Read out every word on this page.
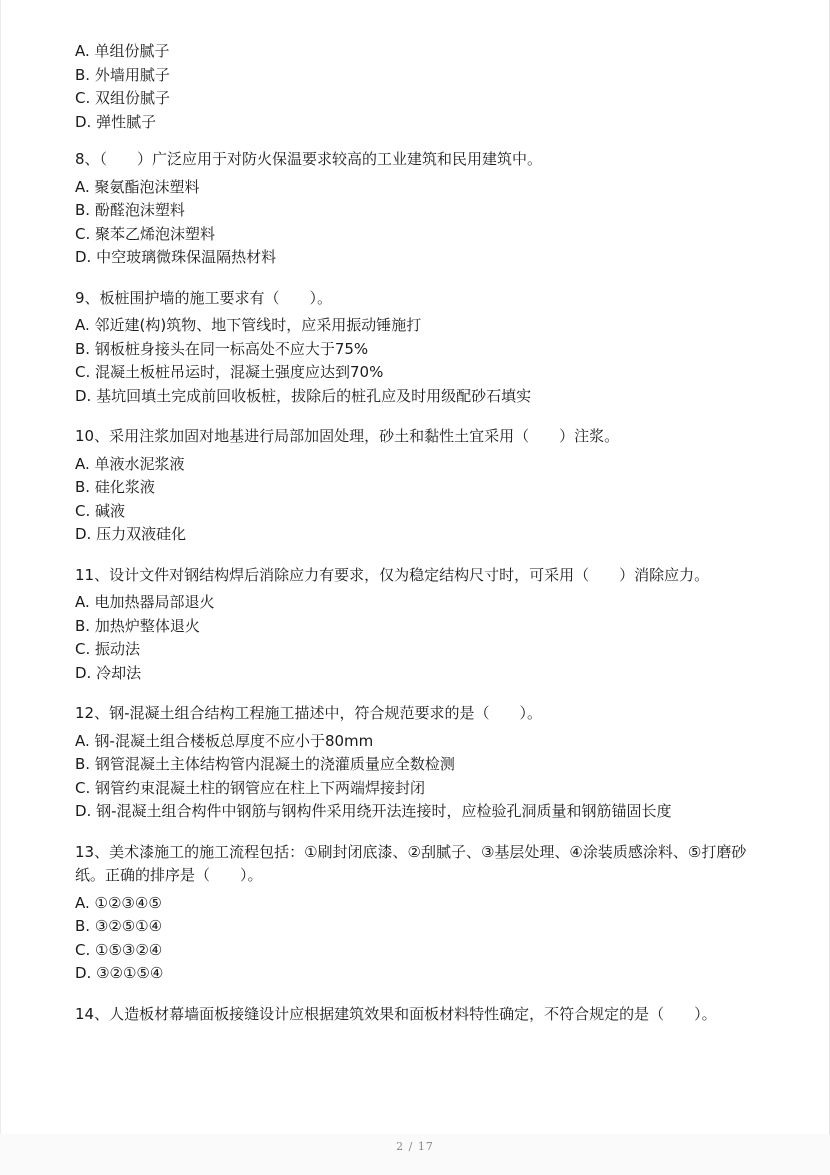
A. 单组份腻子

B. 外墙用腻子

C. 双组份腻子

D. 弹性腻子

8、（　　）广泛应用于对防火保温要求较高的工业建筑和民用建筑中。

A. 聚氨酯泡沫塑料

B. 酚醛泡沫塑料

C. 聚苯乙烯泡沫塑料

D. 中空玻璃微珠保温隔热材料

9、板桩围护墙的施工要求有（　　）。

A. 邻近建(构)筑物、地下管线时，应采用振动锤施打

B. 钢板桩身接头在同一标高处不应大于75%

C. 混凝土板桩吊运时，混凝土强度应达到70%

D. 基坑回填土完成前回收板桩，拔除后的桩孔应及时用级配砂石填实

10、采用注浆加固对地基进行局部加固处理，砂土和黏性土宜采用（　　）注浆。

A. 单液水泥浆液

B. 硅化浆液

C. 碱液

D. 压力双液硅化

11、设计文件对钢结构焊后消除应力有要求，仅为稳定结构尺寸时，可采用（　　）消除应力。

A. 电加热器局部退火

B. 加热炉整体退火

C. 振动法

D. 冷却法

12、钢-混凝土组合结构工程施工描述中，符合规范要求的是（　　）。

A. 钢-混凝土组合楼板总厚度不应小于80mm

B. 钢管混凝土主体结构管内混凝土的浇灌质量应全数检测

C. 钢管约束混凝土柱的钢管应在柱上下两端焊接封闭

D. 钢-混凝土组合构件中钢筋与钢构件采用绕开法连接时，应检验孔洞质量和钢筋锚固长度

13、美术漆施工的施工流程包括：①刷封闭底漆、②刮腻子、③基层处理、④涂装质感涂料、⑤打磨砂纸。正确的排序是（　　）。

A. ①②③④⑤

B. ③②⑤①④

C. ①⑤③②④

D. ③②①⑤④

14、人造板材幕墙面板接缝设计应根据建筑效果和面板材料特性确定，不符合规定的是（　　）。

2 / 17
